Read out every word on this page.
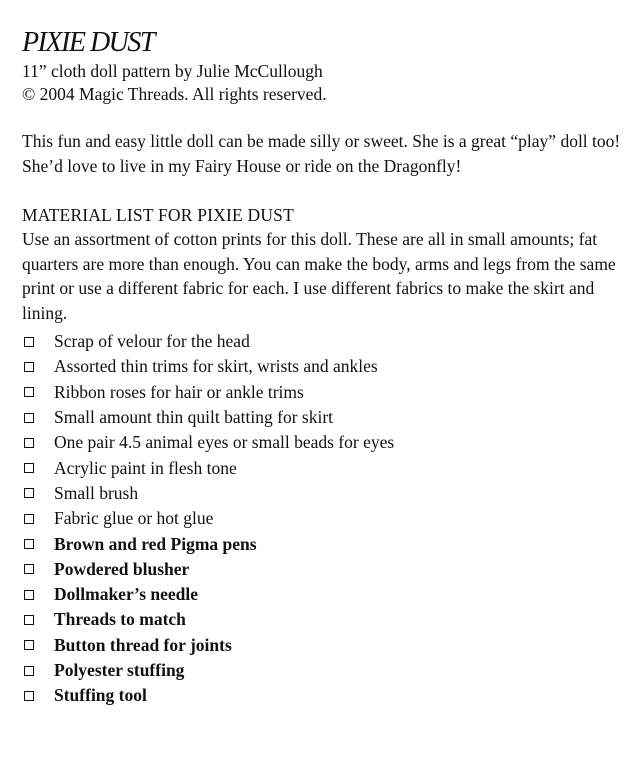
PIXIE DUST
11” cloth doll pattern by Julie McCullough
© 2004 Magic Threads. All rights reserved.
This fun and easy little doll can be made silly or sweet. She is a great “play” doll too! She’d love to live in my Fairy House or ride on the Dragonfly!
MATERIAL LIST FOR PIXIE DUST
Use an assortment of cotton prints for this doll. These are all in small amounts; fat quarters are more than enough. You can make the body, arms and legs from the same print or use a different fabric for each. I use different fabrics to make the skirt and lining.
Scrap of velour for the head
Assorted thin trims for skirt, wrists and ankles
Ribbon roses for hair or ankle trims
Small amount thin quilt batting for skirt
One pair 4.5 animal eyes or small beads for eyes
Acrylic paint in flesh tone
Small brush
Fabric glue or hot glue
Brown and red Pigma pens
Powdered blusher
Dollmaker’s needle
Threads to match
Button thread for joints
Polyester stuffing
Stuffing tool
